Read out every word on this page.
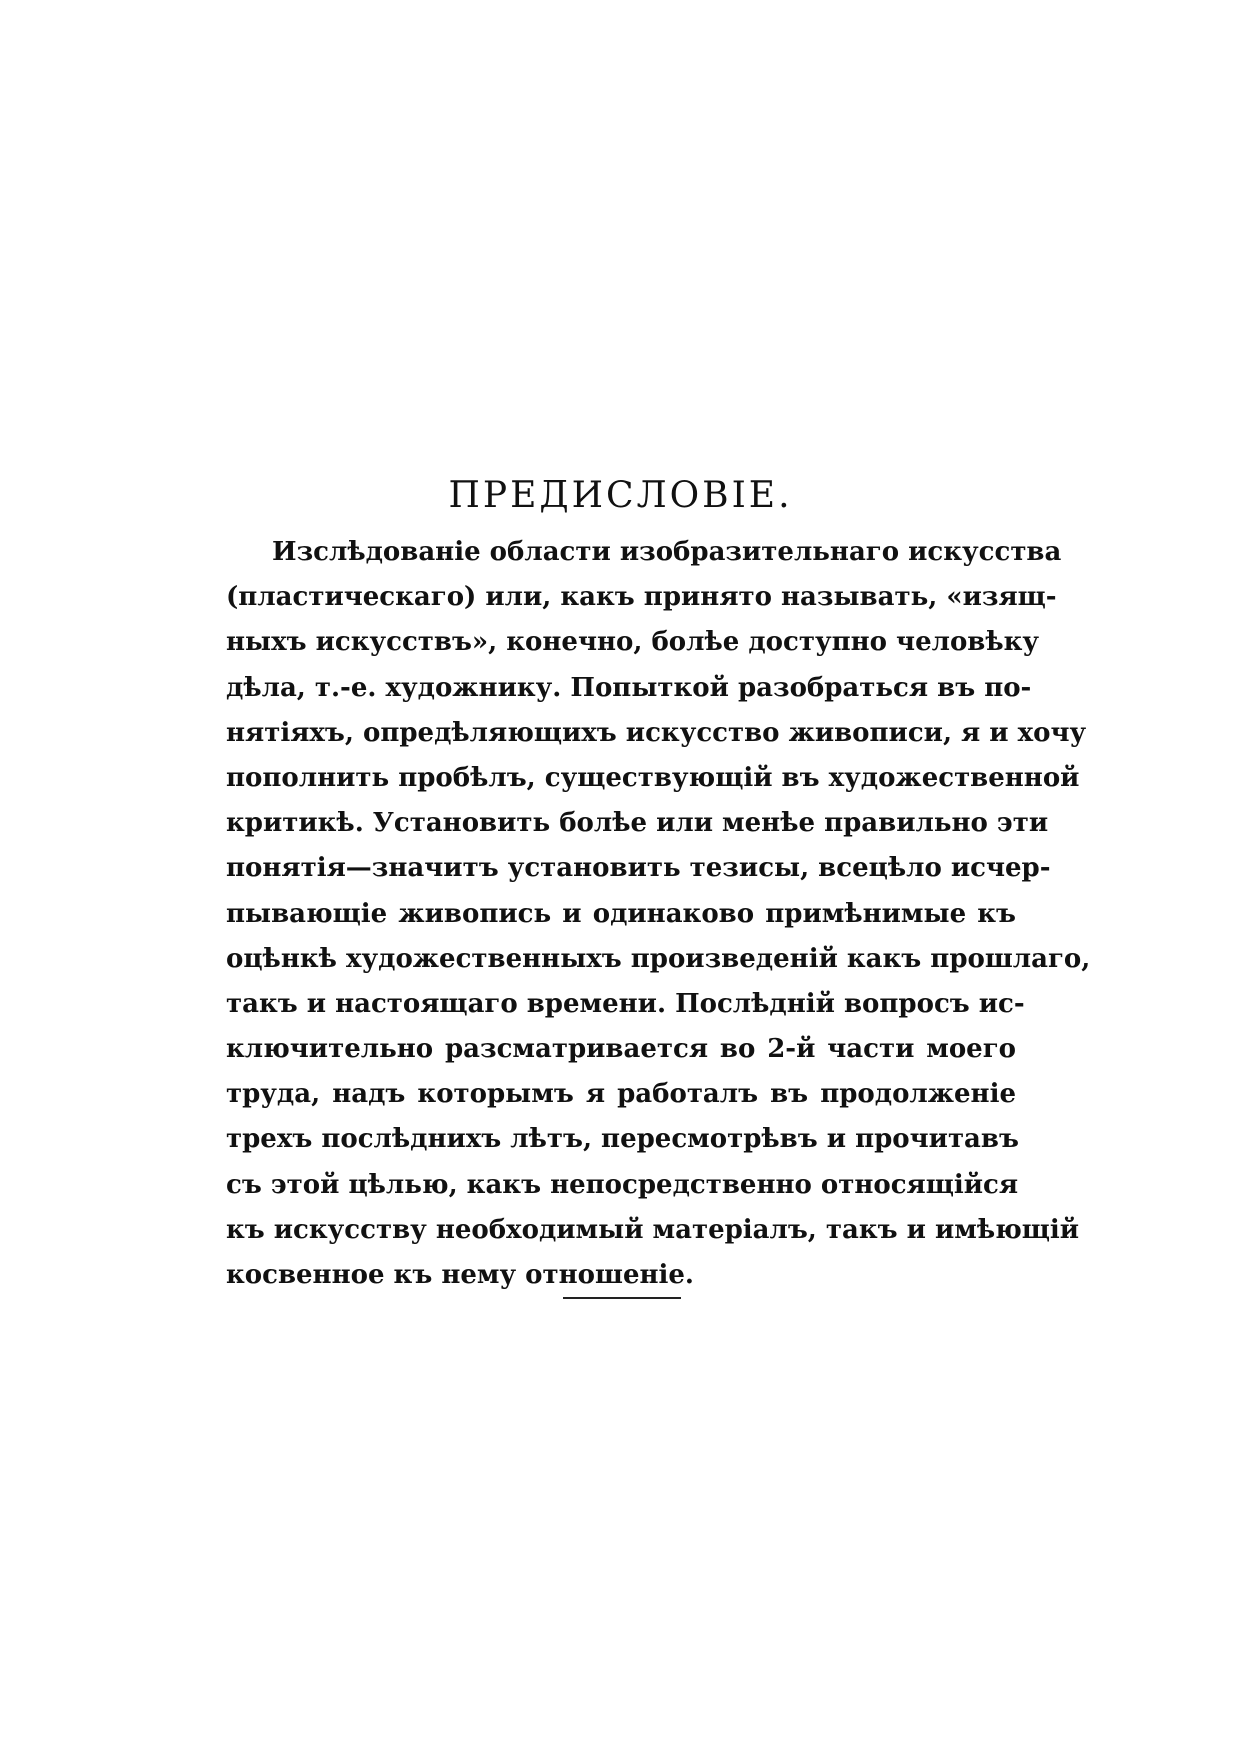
ПРЕДИСЛОВІЕ.
Изслѣдованіе области изобразительнаго искусства
(пластическаго) или, какъ принято называть, «изящ-
ныхъ искусствъ», конечно, болѣе доступно человѣку
дѣла, т.-е. художнику. Попыткой разобраться въ по-
нятіяхъ, опредѣляющихъ искусство живописи, я и хочу
пополнить пробѣлъ, существующій въ художественной
критикѣ. Установить болѣе или менѣе правильно эти
понятія—значитъ установить тезисы, всецѣло исчер-
пывающіе живопись и одинаково примѣнимые къ
оцѣнкѣ художественныхъ произведеній какъ прошлаго,
такъ и настоящаго времени. Послѣдній вопросъ ис-
ключительно разсматривается во 2-й части моего
труда, надъ которымъ я работалъ въ продолженіе
трехъ послѣднихъ лѣтъ, пересмотрѣвъ и прочитавъ
съ этой цѣлью, какъ непосредственно относящійся
къ искусству необходимый матеріалъ, такъ и имѣющій
косвенное къ нему отношеніе.
